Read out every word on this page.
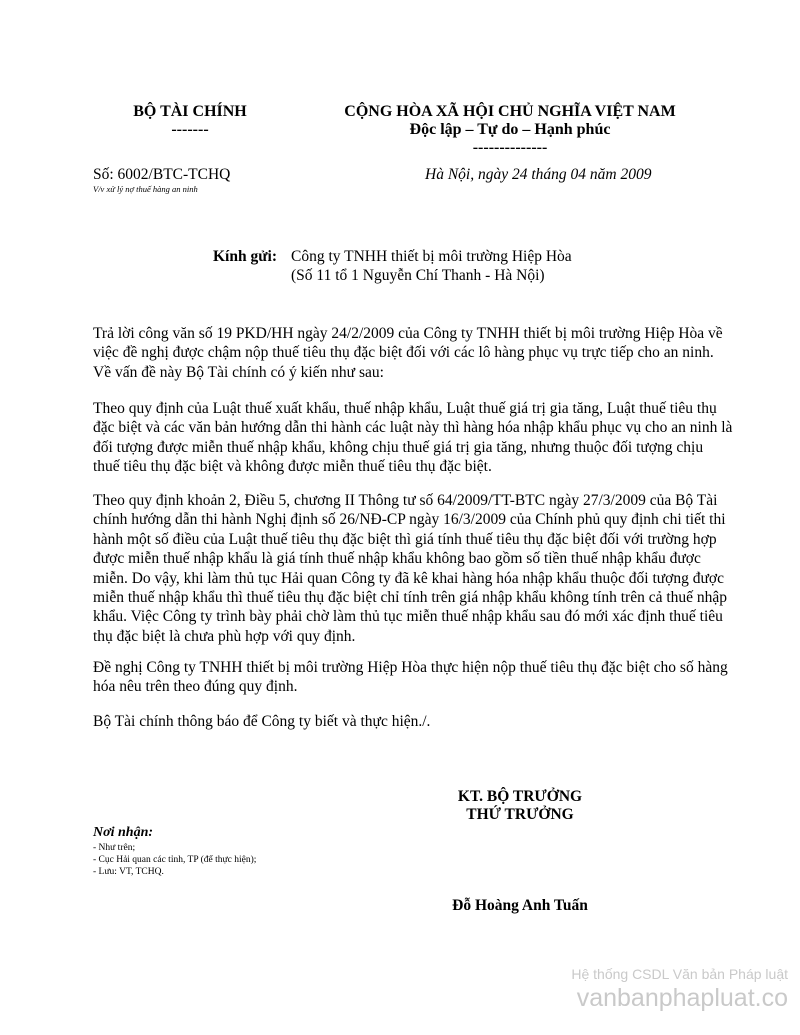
BỘ TÀI CHÍNH
-------
CỘNG HÒA XÃ HỘI CHỦ NGHĨA VIỆT NAM
Độc lập – Tự do – Hạnh phúc
--------------
Số: 6002/BTC-TCHQ
V/v xử lý nợ thuế hàng an ninh
Hà Nội, ngày 24 tháng 04 năm 2009
Kính gửi: Công ty TNHH thiết bị môi trường Hiệp Hòa
(Số 11 tổ 1 Nguyễn Chí Thanh - Hà Nội)
Trả lời công văn số 19 PKD/HH ngày 24/2/2009 của Công ty TNHH thiết bị môi trường Hiệp Hòa về việc đề nghị được chậm nộp thuế tiêu thụ đặc biệt đối với các lô hàng phục vụ trực tiếp cho an ninh. Về vấn đề này Bộ Tài chính có ý kiến như sau:
Theo quy định của Luật thuế xuất khẩu, thuế nhập khẩu, Luật thuế giá trị gia tăng, Luật thuế tiêu thụ đặc biệt và các văn bản hướng dẫn thi hành các luật này thì hàng hóa nhập khẩu phục vụ cho an ninh là đối tượng được miễn thuế nhập khẩu, không chịu thuế giá trị gia tăng, nhưng thuộc đối tượng chịu thuế tiêu thụ đặc biệt và không được miễn thuế tiêu thụ đặc biệt.
Theo quy định khoản 2, Điều 5, chương II Thông tư số 64/2009/TT-BTC ngày 27/3/2009 của Bộ Tài chính hướng dẫn thi hành Nghị định số 26/NĐ-CP ngày 16/3/2009 của Chính phủ quy định chi tiết thi hành một số điều của Luật thuế tiêu thụ đặc biệt thì giá tính thuế tiêu thụ đặc biệt đối với trường hợp được miễn thuế nhập khẩu là giá tính thuế nhập khẩu không bao gồm số tiền thuế nhập khẩu được miễn. Do vậy, khi làm thủ tục Hải quan Công ty đã kê khai hàng hóa nhập khẩu thuộc đối tượng được miễn thuế nhập khẩu thì thuế tiêu thụ đặc biệt chỉ tính trên giá nhập khẩu không tính trên cả thuế nhập khẩu. Việc Công ty trình bày phải chờ làm thủ tục miễn thuế nhập khẩu sau đó mới xác định thuế tiêu thụ đặc biệt là chưa phù hợp với quy định.
Đề nghị Công ty TNHH thiết bị môi trường Hiệp Hòa thực hiện nộp thuế tiêu thụ đặc biệt cho số hàng hóa nêu trên theo đúng quy định.
Bộ Tài chính thông báo để Công ty biết và thực hiện./.
KT. BỘ TRƯỞNG
THỨ TRƯỞNG
Đỗ Hoàng Anh Tuấn
Nơi nhận:
- Như trên;
- Cục Hải quan các tỉnh, TP (để thực hiện);
- Lưu: VT, TCHQ.
Hệ thống CSDL Văn bản Pháp luật
vanbanphapluat.co
